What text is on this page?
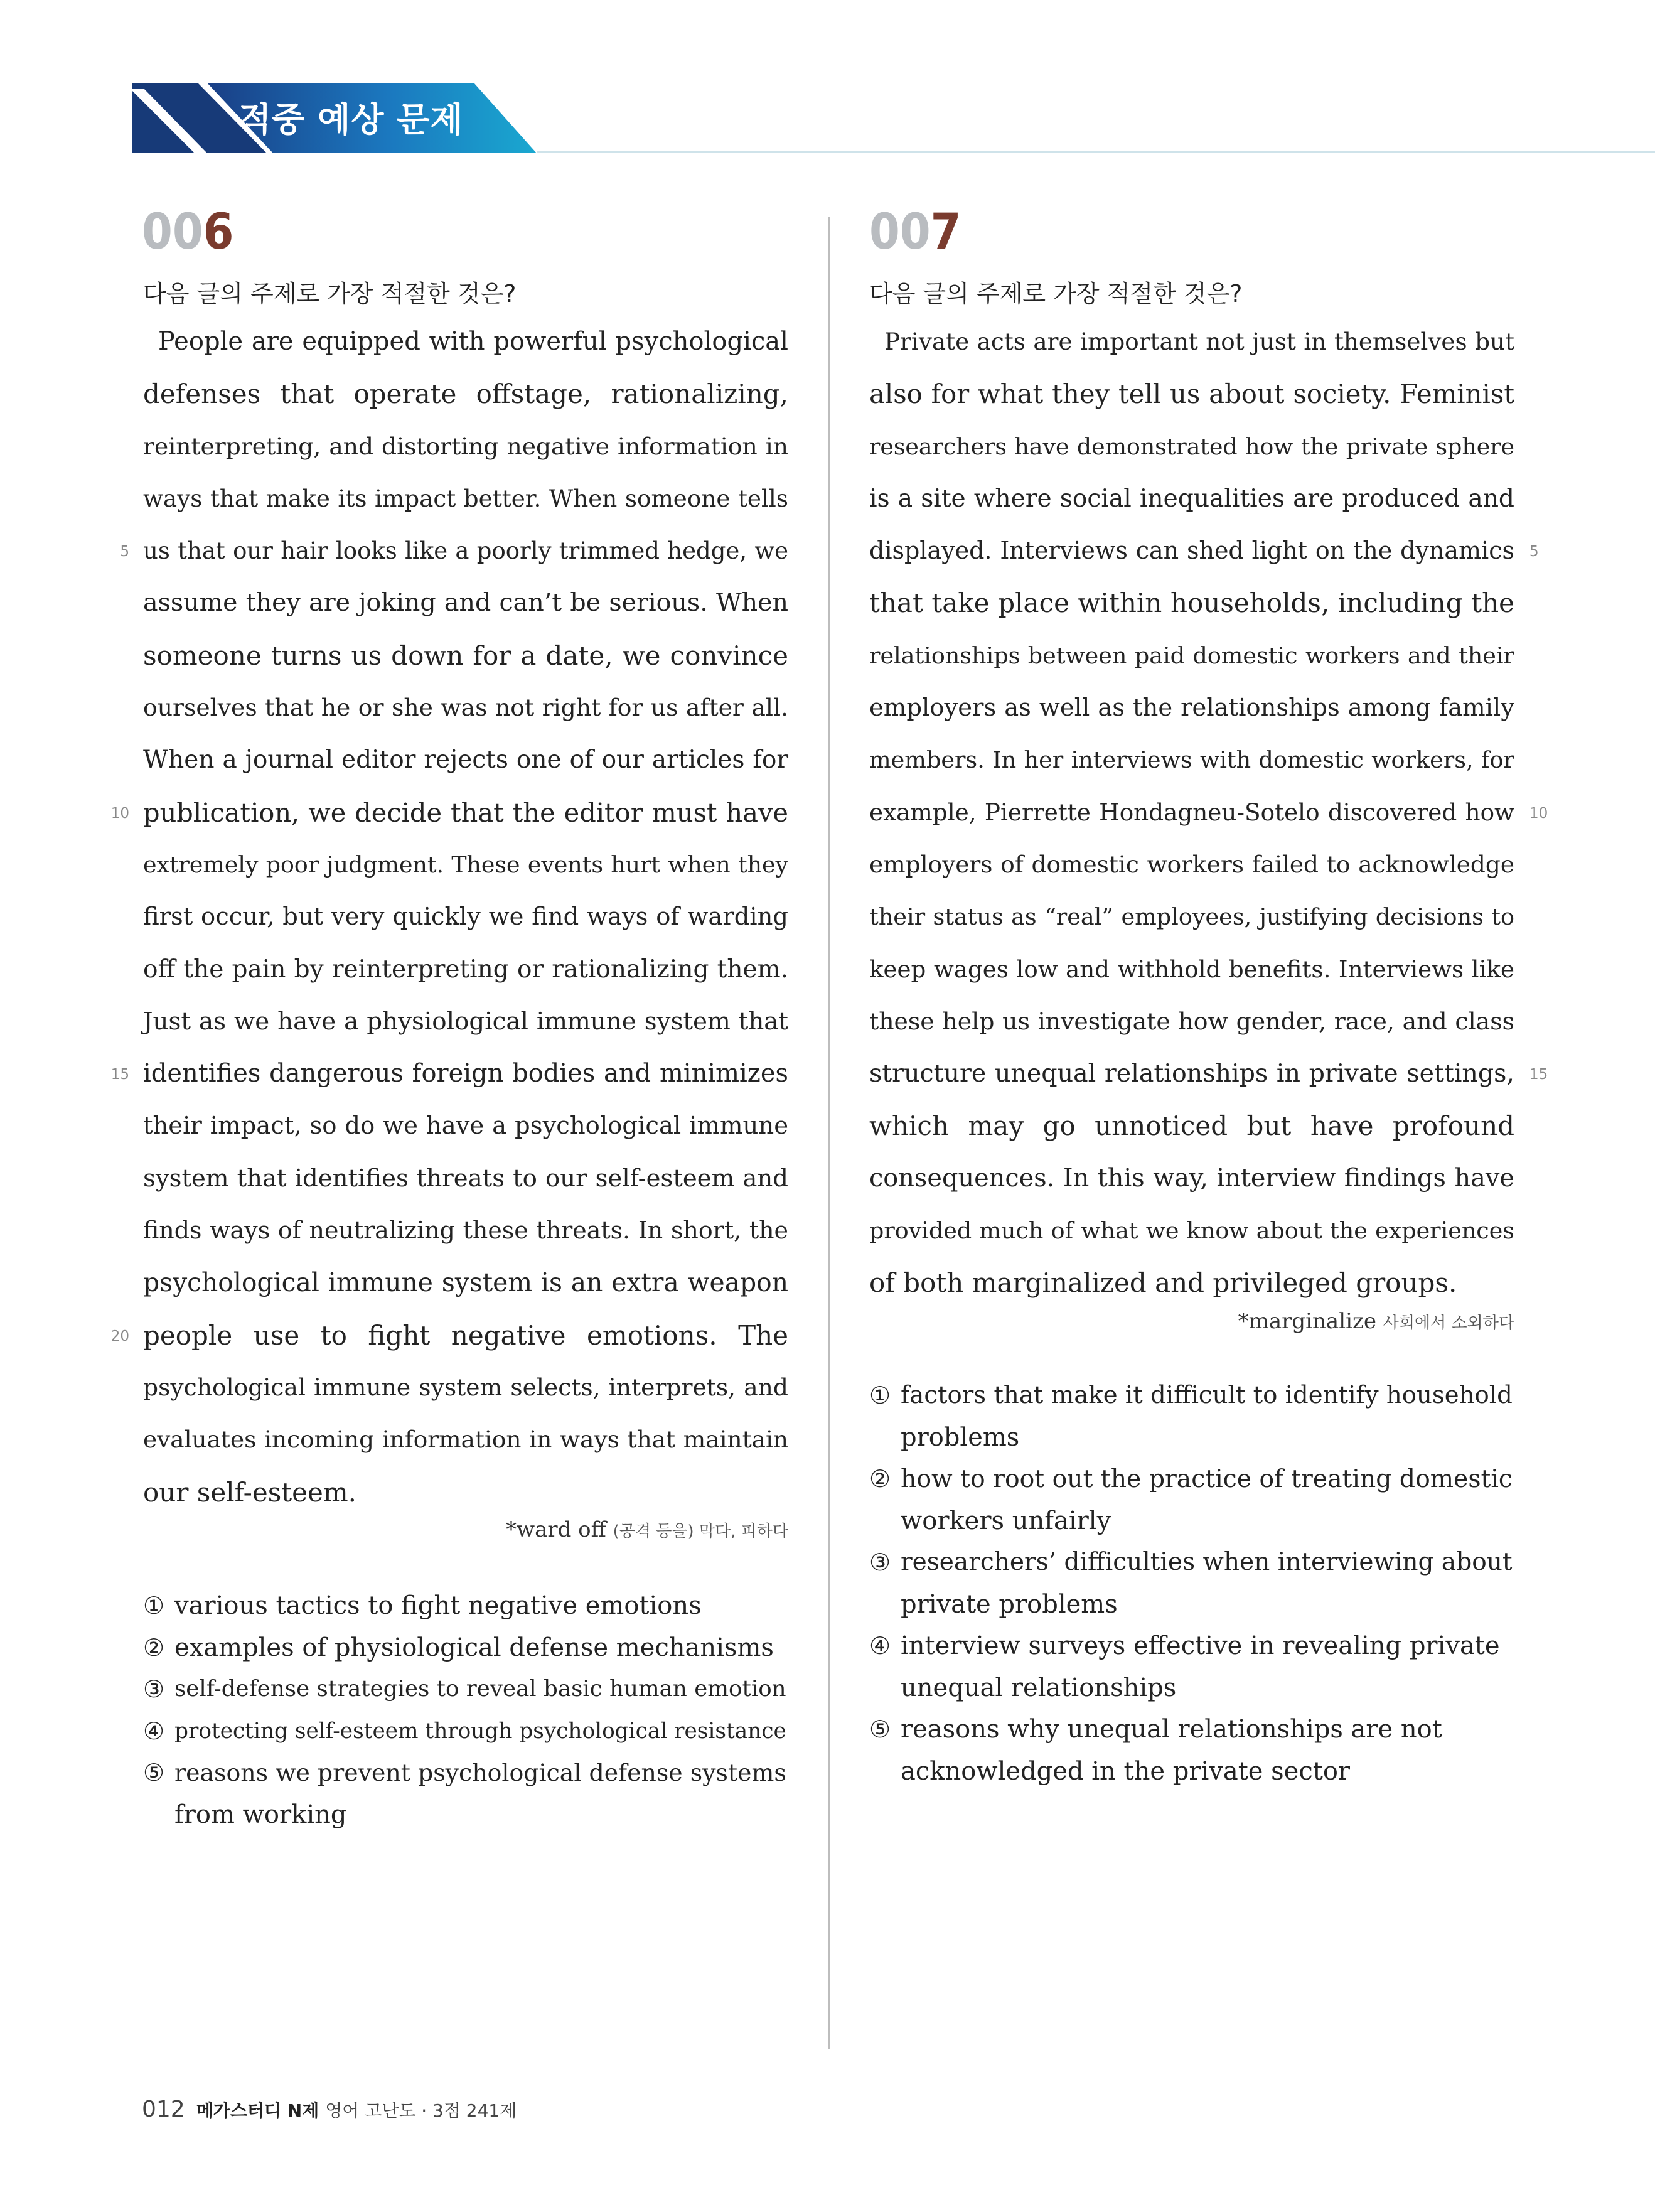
적중 예상 문제
006
다음 글의 주제로 가장 적절한 것은?
People are equipped with powerful psychological
defenses that operate offstage, rationalizing,
reinterpreting, and distorting negative information in
ways that make its impact better. When someone tells
us that our hair looks like a poorly trimmed hedge, we
assume they are joking and can’t be serious. When
someone turns us down for a date, we convince
ourselves that he or she was not right for us after all.
When a journal editor rejects one of our articles for
publication, we decide that the editor must have
extremely poor judgment. These events hurt when they
first occur, but very quickly we find ways of warding
off the pain by reinterpreting or rationalizing them.
Just as we have a physiological immune system that
identifies dangerous foreign bodies and minimizes
their impact, so do we have a psychological immune
system that identifies threats to our self-esteem and
finds ways of neutralizing these threats. In short, the
psychological immune system is an extra weapon
people use to fight negative emotions. The
psychological immune system selects, interprets, and
evaluates incoming information in ways that maintain
our self-esteem.
5
10
15
20
*ward off (공격 등을) 막다, 피하다
① various tactics to fight negative emotions
② examples of physiological defense mechanisms
③ self-defense strategies to reveal basic human emotion
④ protecting self-esteem through psychological resistance
⑤ reasons we prevent psychological defense systems
from working
007
다음 글의 주제로 가장 적절한 것은?
Private acts are important not just in themselves but
also for what they tell us about society. Feminist
researchers have demonstrated how the private sphere
is a site where social inequalities are produced and
displayed. Interviews can shed light on the dynamics
that take place within households, including the
relationships between paid domestic workers and their
employers as well as the relationships among family
members. In her interviews with domestic workers, for
example, Pierrette Hondagneu-Sotelo discovered how
employers of domestic workers failed to acknowledge
their status as “real” employees, justifying decisions to
keep wages low and withhold benefits. Interviews like
these help us investigate how gender, race, and class
structure unequal relationships in private settings,
which may go unnoticed but have profound
consequences. In this way, interview findings have
provided much of what we know about the experiences
of both marginalized and privileged groups.
5
10
15
*marginalize 사회에서 소외하다
① factors that make it difficult to identify household
problems
② how to root out the practice of treating domestic
workers unfairly
③ researchers’ difficulties when interviewing about
private problems
④ interview surveys effective in revealing private
unequal relationships
⑤ reasons why unequal relationships are not
acknowledged in the private sector
012 메가스터디 N제 영어 고난도 · 3점 241제
